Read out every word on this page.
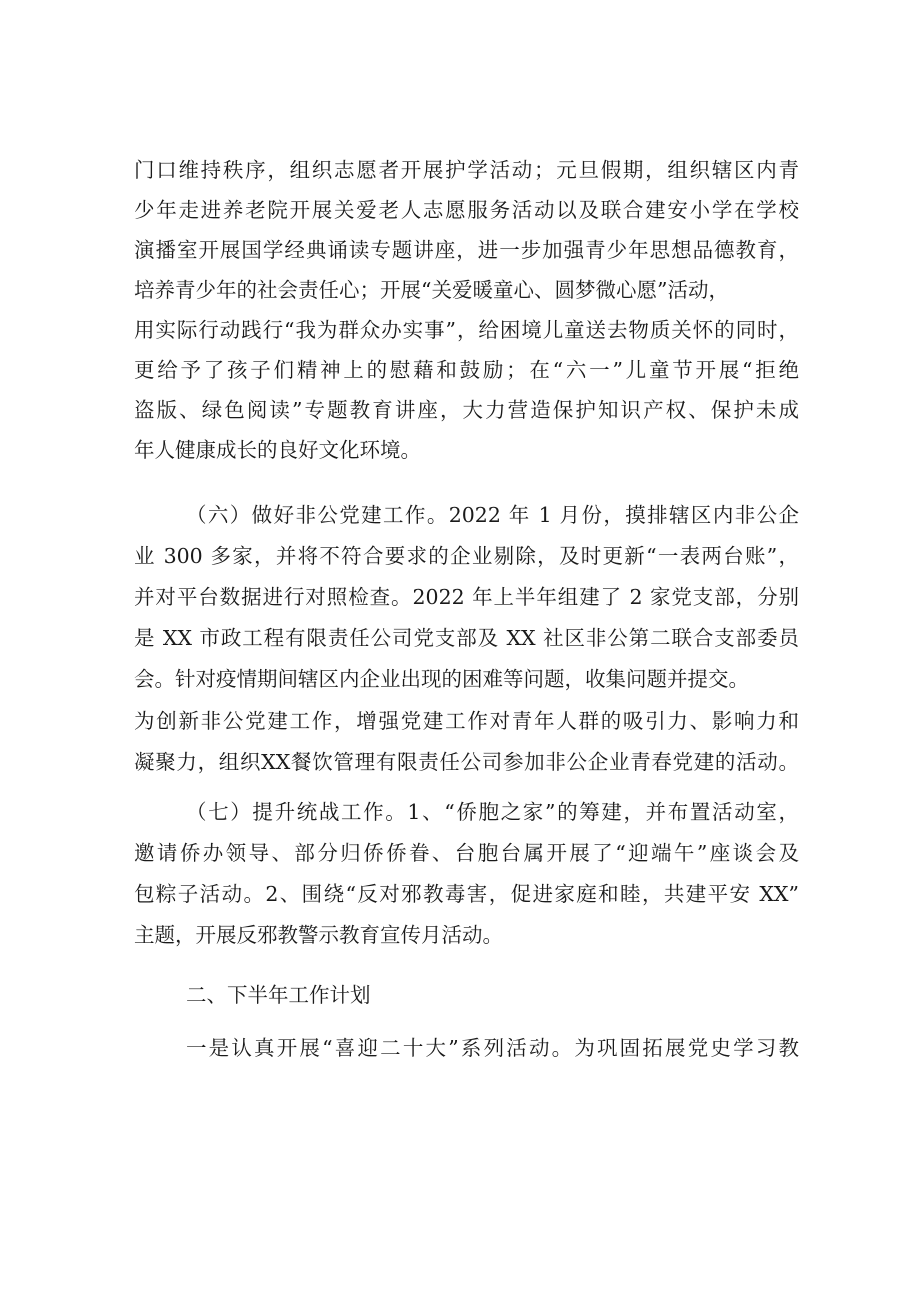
门口维持秩序，组织志愿者开展护学活动；元旦假期，组织辖区内青
少年走进养老院开展关爱老人志愿服务活动以及联合建安小学在学校
演播室开展国学经典诵读专题讲座，进一步加强青少年思想品德教育，
培养青少年的社会责任心；开展“关爱暖童心、圆梦微心愿”活动，
用实际行动践行“我为群众办实事”，给困境儿童送去物质关怀的同时，
更给予了孩子们精神上的慰藉和鼓励；在“六一”儿童节开展“拒绝
盗版、绿色阅读”专题教育讲座，大力营造保护知识产权、保护未成
年人健康成长的良好文化环境。
（六）做好非公党建工作。2022 年 1 月份，摸排辖区内非公企
业 300 多家，并将不符合要求的企业剔除，及时更新“一表两台账”，
并对平台数据进行对照检查。2022 年上半年组建了 2 家党支部，分别
是 XX 市政工程有限责任公司党支部及 XX 社区非公第二联合支部委员
会。针对疫情期间辖区内企业出现的困难等问题，收集问题并提交。
为创新非公党建工作，增强党建工作对青年人群的吸引力、影响力和
凝聚力，组织XX餐饮管理有限责任公司参加非公企业青春党建的活动。
（七）提升统战工作。1、“侨胞之家”的筹建，并布置活动室，
邀请侨办领导、部分归侨侨眷、台胞台属开展了“迎端午”座谈会及
包粽子活动。2、围绕“反对邪教毒害，促进家庭和睦，共建平安 XX”
主题，开展反邪教警示教育宣传月活动。
二、下半年工作计划
一是认真开展“喜迎二十大”系列活动。为巩固拓展党史学习教
